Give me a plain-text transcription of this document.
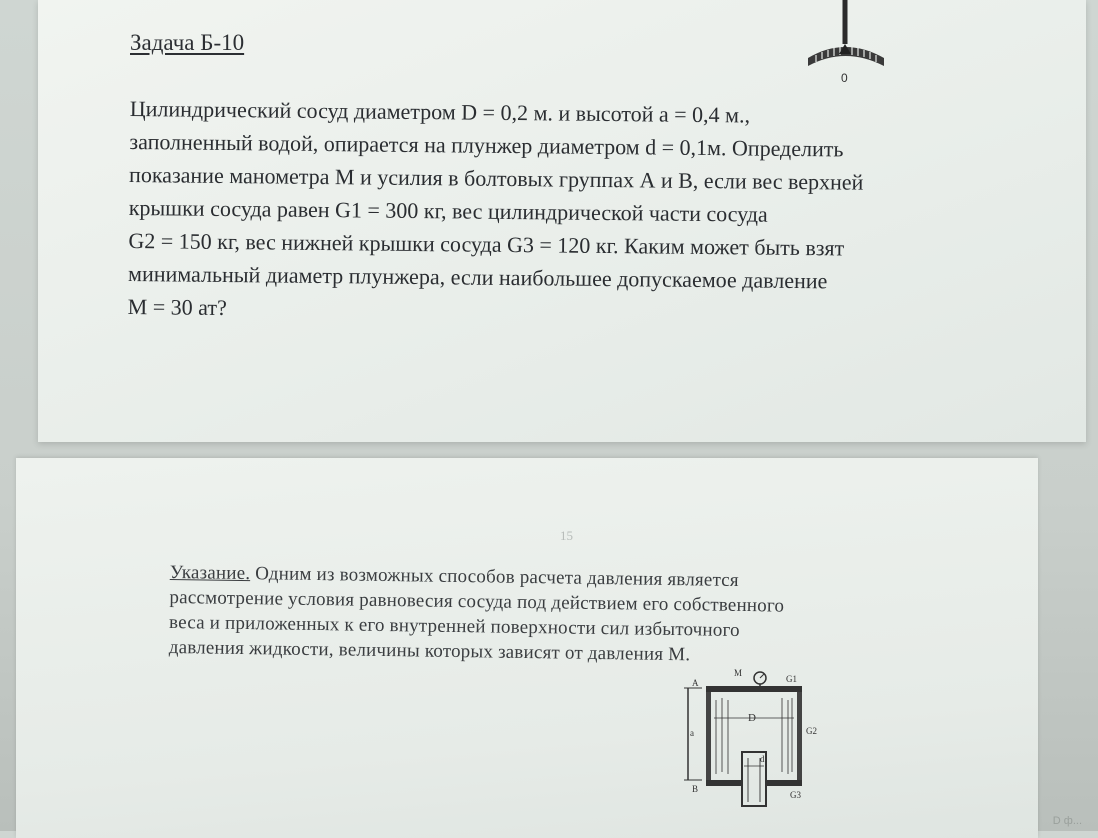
Задача Б-10
0
Цилиндрический сосуд диаметром D = 0,2 м. и высотой a = 0,4 м.,
заполненный водой, опирается на плунжер диаметром d = 0,1м. Определить
показание манометра М и усилия в болтовых группах А и В, если вес верхней
крышки сосуда равен G1 = 300 кг, вес цилиндрической части сосуда
G2 = 150 кг, вес нижней крышки сосуда G3 = 120 кг. Каким может быть взят
минимальный диаметр плунжера, если наибольшее допускаемое давление
М = 30 ат?
15
Указание. Одним из возможных способов расчета давления является
рассмотрение условия равновесия сосуда под действием его собственного
веса и приложенных к его внутренней поверхности сил избыточного
давления жидкости, величины которых зависят от давления М.
a
D
d
A
M
G1
G2
B
G3
D ф...
